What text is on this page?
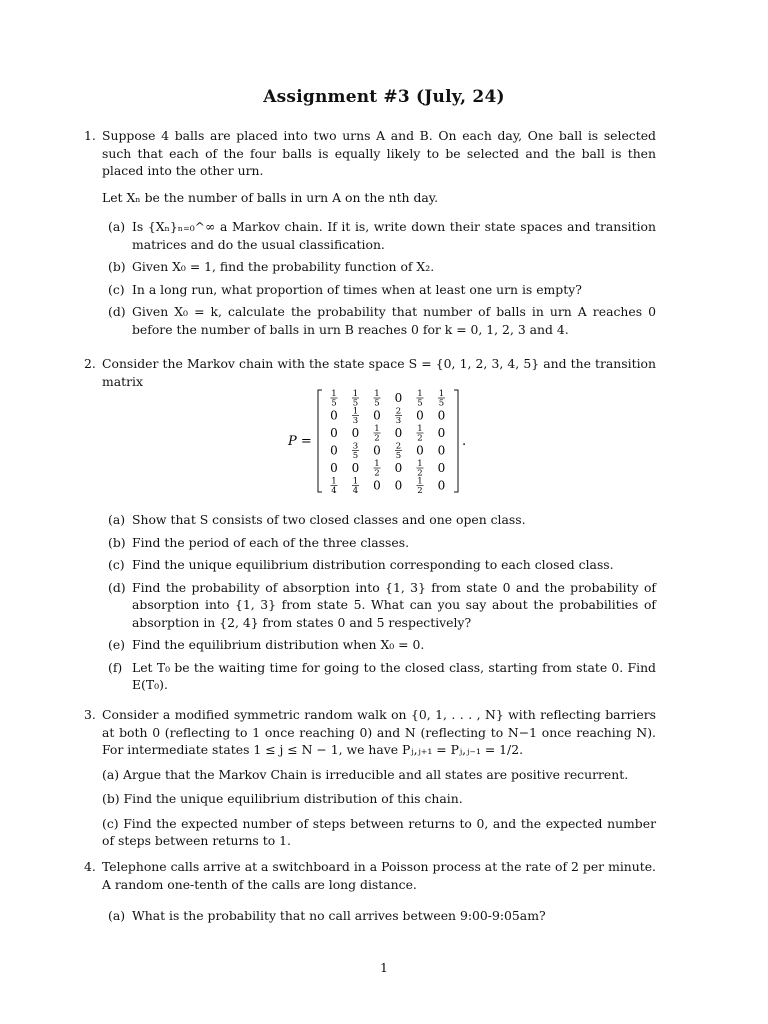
Assignment #3 (July, 24)
1. Suppose 4 balls are placed into two urns A and B. On each day, One ball is selected such that each of the four balls is equally likely to be selected and the ball is then placed into the other urn.
Let Xₙ be the number of balls in urn A on the nth day.
(a) Is {Xₙ}ₙ₌₀^∞ a Markov chain. If it is, write down their state spaces and transition matrices and do the usual classification.
(b) Given X₀ = 1, find the probability function of X₂.
(c) In a long run, what proportion of times when at least one urn is empty?
(d) Given X₀ = k, calculate the probability that number of balls in urn A reaches 0 before the number of balls in urn B reaches 0 for k = 0, 1, 2, 3 and 4.
2. Consider the Markov chain with the state space S = {0, 1, 2, 3, 4, 5} and the transition matrix
P =
1
5
1
5
1
5 0 1
5
1
5
0 1
3 0 2
3 0 0
0 0 1
2 0 1
2 0
0 3
5 0 2
5 0 0
0 0 1
2 0 1
2 0
1
4
1
4 0 0 1
2 0
.
(a) Show that S consists of two closed classes and one open class.
(b) Find the period of each of the three classes.
(c) Find the unique equilibrium distribution corresponding to each closed class.
(d) Find the probability of absorption into {1, 3} from state 0 and the probability of absorption into {1, 3} from state 5. What can you say about the probabilities of absorption in {2, 4} from states 0 and 5 respectively?
(e) Find the equilibrium distribution when X₀ = 0.
(f) Let T₀ be the waiting time for going to the closed class, starting from state 0. Find E(T₀).
3. Consider a modified symmetric random walk on {0, 1, . . . , N} with reflecting barriers at both 0 (reflecting to 1 once reaching 0) and N (reflecting to N−1 once reaching N). For intermediate states 1 ≤ j ≤ N − 1, we have Pⱼ,ⱼ₊₁ = Pⱼ,ⱼ₋₁ = 1/2.
(a) Argue that the Markov Chain is irreducible and all states are positive recurrent.
(b) Find the unique equilibrium distribution of this chain.
(c) Find the expected number of steps between returns to 0, and the expected number of steps between returns to 1.
4. Telephone calls arrive at a switchboard in a Poisson process at the rate of 2 per minute. A random one-tenth of the calls are long distance.
(a) What is the probability that no call arrives between 9:00-9:05am?
1
